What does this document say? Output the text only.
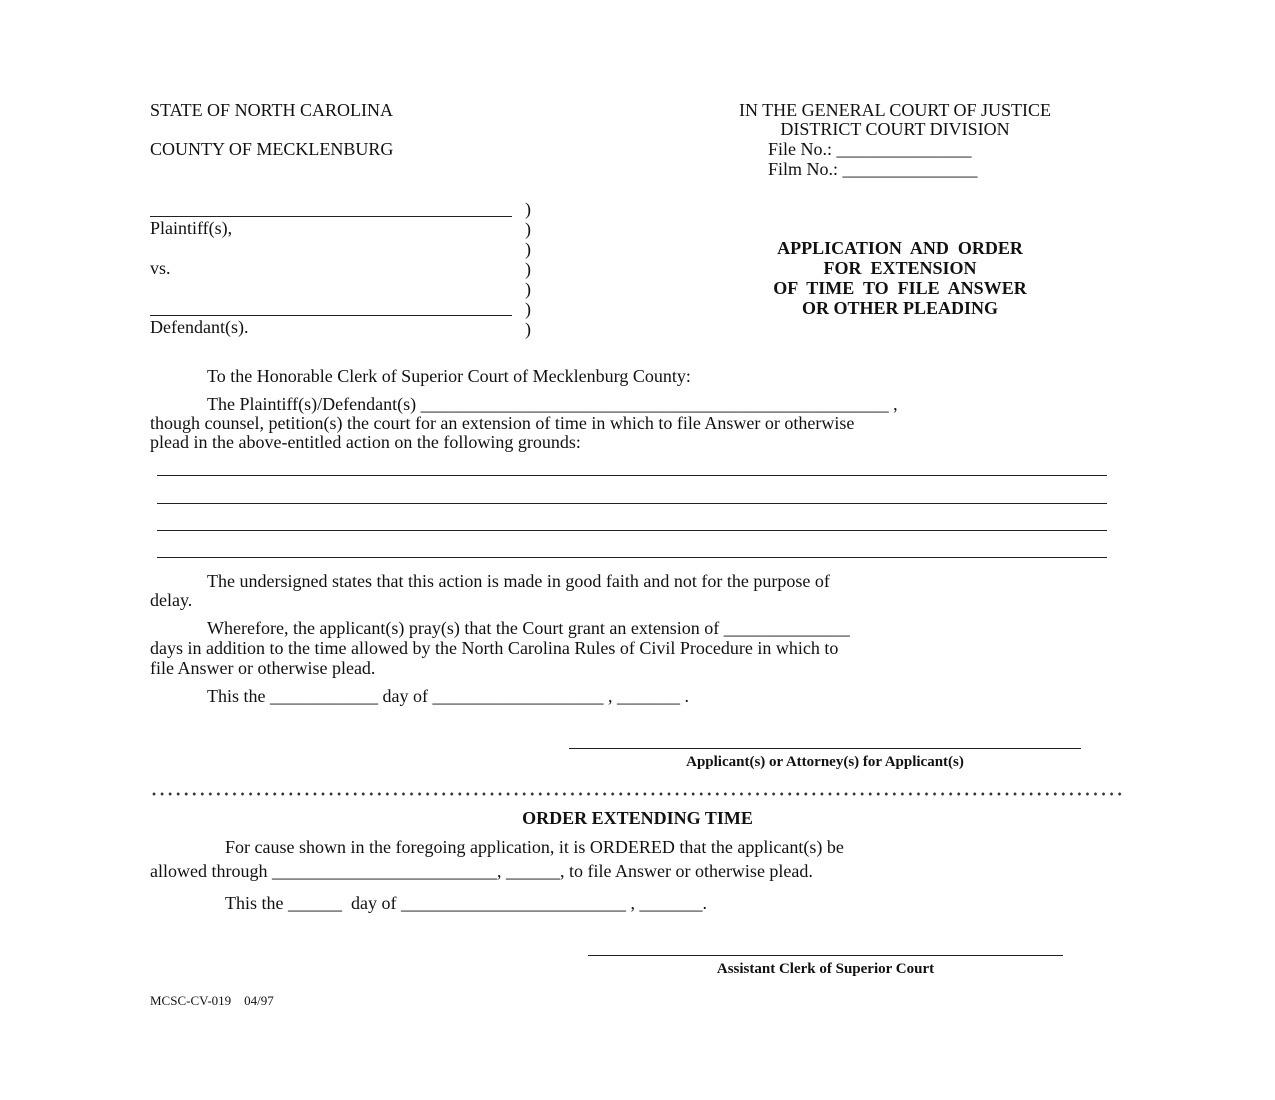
STATE OF NORTH CAROLINA
COUNTY OF MECKLENBURG
IN THE GENERAL COURT OF JUSTICE
DISTRICT COURT DIVISION
File No.: _______________
Film No.: _______________
Plaintiff(s),
vs.
Defendant(s).
)
)
)
)
)
)
)
APPLICATION  AND  ORDER
FOR  EXTENSION
OF  TIME  TO  FILE  ANSWER
OR OTHER PLEADING
To the Honorable Clerk of Superior Court of Mecklenburg County:
The Plaintiff(s)/Defendant(s) ____________________________________________________ ,
though counsel, petition(s) the court for an extension of time in which to file Answer or otherwise
plead in the above-entitled action on the following grounds:
The undersigned states that this action is made in good faith and not for the purpose of
delay.
Wherefore, the applicant(s) pray(s) that the Court grant an extension of ______________
days in addition to the time allowed by the North Carolina Rules of Civil Procedure in which to
file Answer or otherwise plead.
This the ____________ day of ___________________ , _______ .
Applicant(s) or Attorney(s) for Applicant(s)
ORDER EXTENDING TIME
For cause shown in the foregoing application, it is ORDERED that the applicant(s) be
allowed through _________________________, ______, to file Answer or otherwise plead.
This the ______  day of _________________________ , _______.
Assistant Clerk of Superior Court
MCSC-CV-019    04/97
